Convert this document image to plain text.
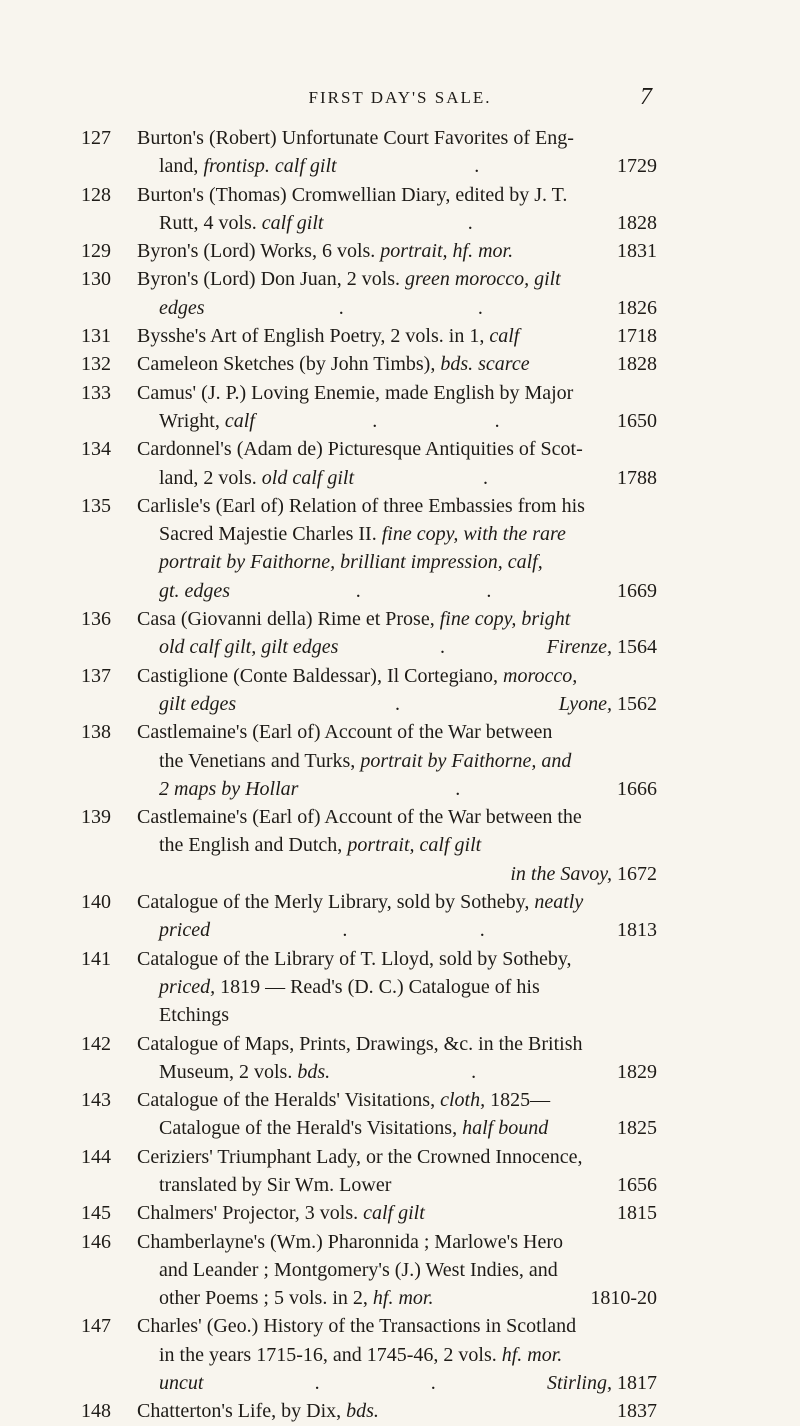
FIRST DAY'S SALE.	7
127	Burton's (Robert) Unfortunate Court Favorites of Eng-
land, frontisp. calf gilt	.	1729
128	Burton's (Thomas) Cromwellian Diary, edited by J. T.
Rutt, 4 vols. calf gilt	.	1828
129	Byron's (Lord) Works, 6 vols. portrait, hf. mor.	1831
130	Byron's (Lord) Don Juan, 2 vols. green morocco, gilt
edges	.	.	1826
131	Bysshe's Art of English Poetry, 2 vols. in 1, calf	1718
132	Cameleon Sketches (by John Timbs), bds. scarce	1828
133	Camus' (J. P.) Loving Enemie, made English by Major
Wright, calf	.	.	1650
134	Cardonnel's (Adam de) Picturesque Antiquities of Scot-
land, 2 vols. old calf gilt	.	1788
135	Carlisle's (Earl of) Relation of three Embassies from his
Sacred Majestie Charles II. fine copy, with the rare
portrait by Faithorne, brilliant impression, calf,
gt. edges	.	.	1669
136	Casa (Giovanni della) Rime et Prose, fine copy, bright
old calf gilt, gilt edges	.	Firenze, 1564
137	Castiglione (Conte Baldessar), Il Cortegiano, morocco,
gilt edges	.	Lyone, 1562
138	Castlemaine's (Earl of) Account of the War between
the Venetians and Turks, portrait by Faithorne, and
2 maps by Hollar	.	1666
139	Castlemaine's (Earl of) Account of the War between the
the English and Dutch, portrait, calf gilt
in the Savoy, 1672
140	Catalogue of the Merly Library, sold by Sotheby, neatly
priced	.	.	1813
141	Catalogue of the Library of T. Lloyd, sold by Sotheby,
priced, 1819 — Read's (D. C.) Catalogue of his
Etchings
142	Catalogue of Maps, Prints, Drawings, &c. in the British
Museum, 2 vols. bds.	.	1829
143	Catalogue of the Heralds' Visitations, cloth, 1825—
Catalogue of the Herald's Visitations, half bound	1825
144	Ceriziers' Triumphant Lady, or the Crowned Innocence,
translated by Sir Wm. Lower	1656
145	Chalmers' Projector, 3 vols. calf gilt	1815
146	Chamberlayne's (Wm.) Pharonnida ; Marlowe's Hero
and Leander ; Montgomery's (J.) West Indies, and
other Poems ; 5 vols. in 2, hf. mor.	1810-20
147	Charles' (Geo.) History of the Transactions in Scotland
in the years 1715-16, and 1745-46, 2 vols. hf. mor.
uncut	.	.	Stirling, 1817
148	Chatterton's Life, by Dix, bds.	1837
